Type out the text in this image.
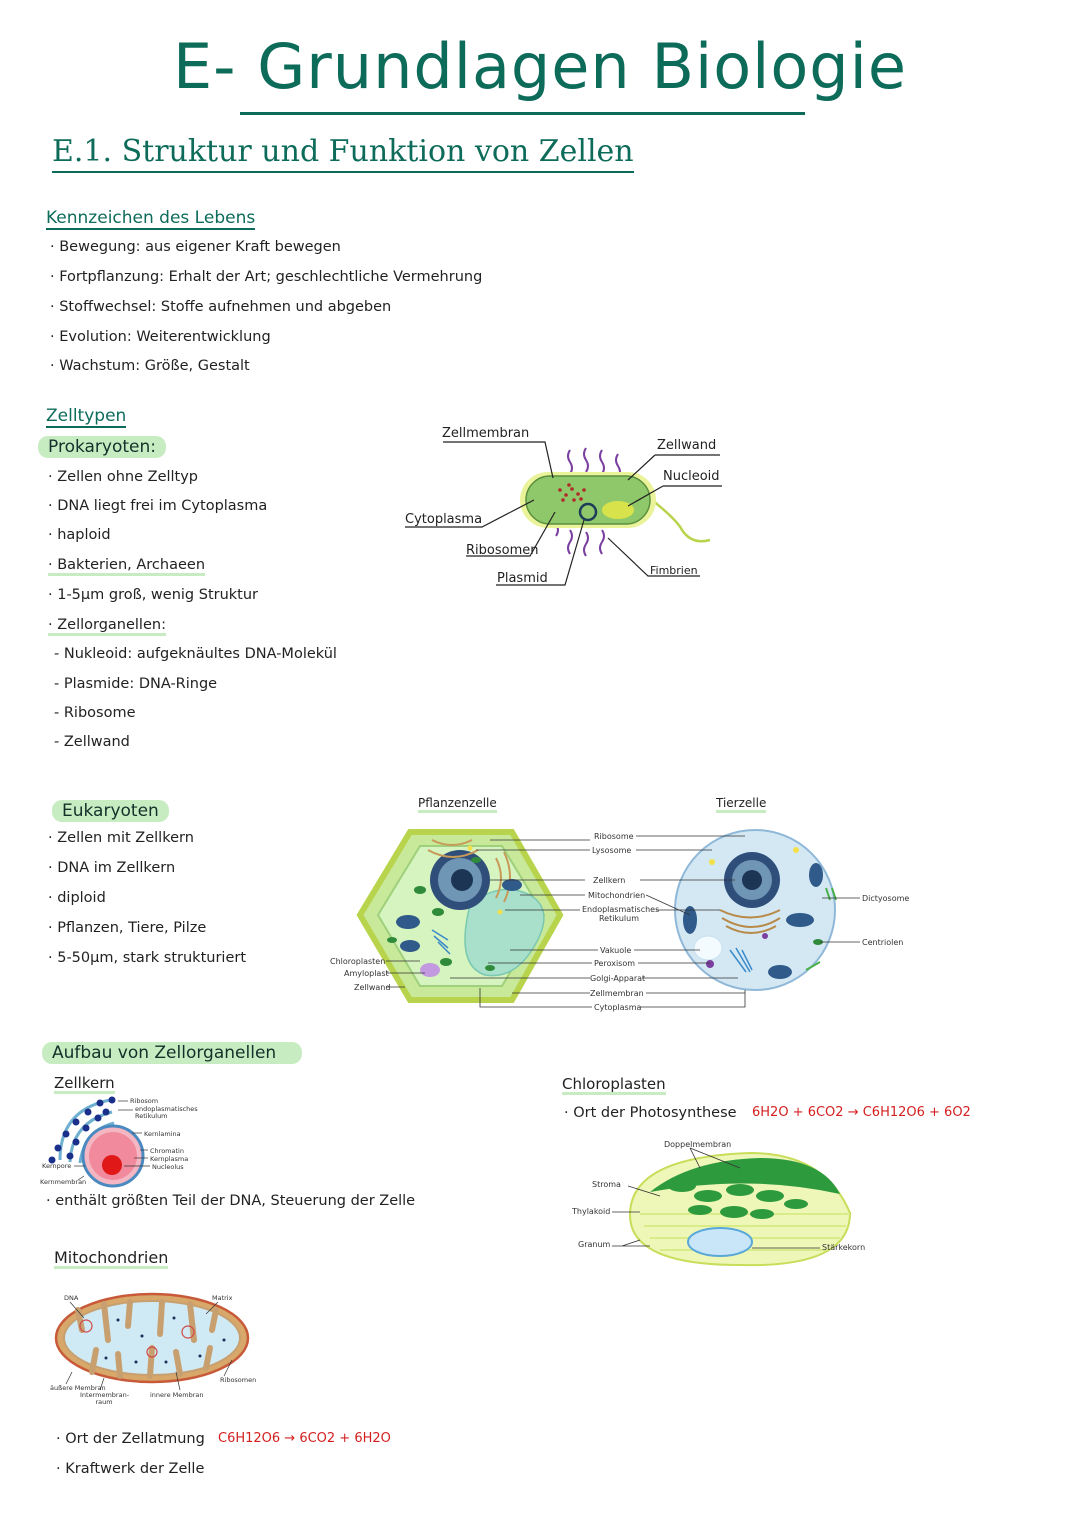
E- Grundlagen Biologie
E.1. Struktur und Funktion von Zellen
Kennzeichen des Lebens
· Bewegung: aus eigener Kraft bewegen
· Fortpflanzung: Erhalt der Art; geschlechtliche Vermehrung
· Stoffwechsel: Stoffe aufnehmen und abgeben
· Evolution: Weiterentwicklung
· Wachstum: Größe, Gestalt
Zelltypen
Prokaryoten:
· Zellen ohne Zelltyp
· DNA liegt frei im Cytoplasma
· haploid
· Bakterien, Archaeen
· 1-5µm groß, wenig Struktur
· Zellorganellen:
- Nukleoid: aufgeknäultes DNA-Molekül
- Plasmide: DNA-Ringe
- Ribosome
- Zellwand
Zellmembran
Zellwand
Nucleoid
Cytoplasma
Ribosomen
Plasmid
Fimbrien
Eukaryoten
· Zellen mit Zellkern
· DNA im Zellkern
· diploid
· Pflanzen, Tiere, Pilze
· 5-50µm, stark strukturiert
Pflanzenzelle	Tierzelle
Ribosome
Lysosome
Zellkern
Mitochondrien
Endoplasmatisches Retikulum
Vakuole
Peroxisom
Golgi-Apparat
Zellmembran
Cytoplasma
Chloroplasten
Amyloplast
Zellwand
Dictyosome
Centriolen
Aufbau von Zellorganellen
Zellkern
Ribosom
endoplasmatisches Retikulum
Kernlamina
Chromatin
Kernplasma
Nucleolus
Kernpore
Kernmembran
· enthält größten Teil der DNA, Steuerung der Zelle
Mitochondrien
DNA	Matrix
Ribosomen
äußere Membran
Intermembran-raum
innere Membran
· Ort der Zellatmung C6H12O6 → 6CO2 + 6H2O
· Kraftwerk der Zelle
Chloroplasten
· Ort der Photosynthese 6H2O + 6CO2 → C6H12O6 + 6O2
Doppelmembran
Stroma
Thylakoid
Granum	Stärkekorn
